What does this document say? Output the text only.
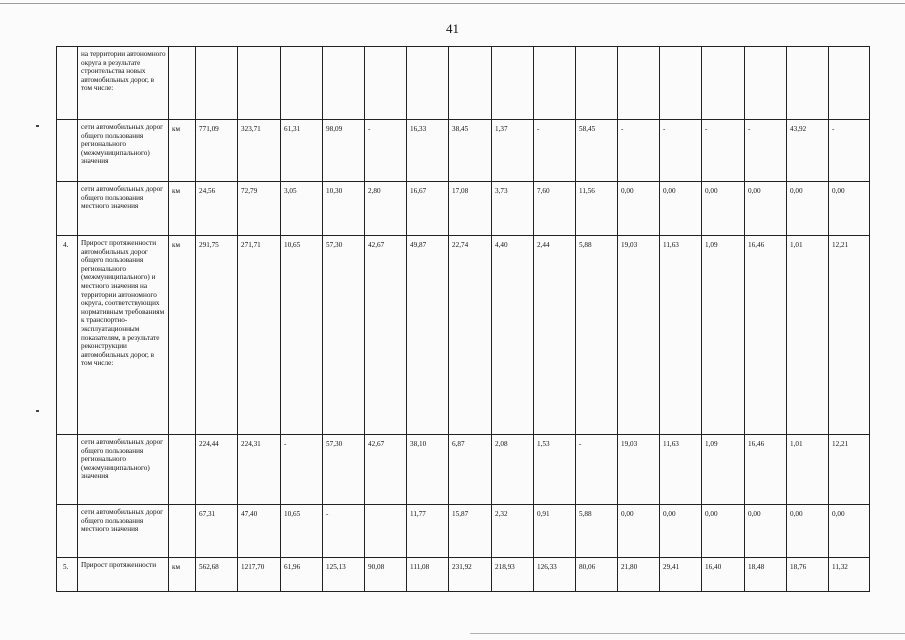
41
	на территории автономного округа в результате строительства новых автомобильных дорог, в том числе:																	
	сети автомобильных дорог общего пользования регионального (межмуниципального) значения	км	771,09	323,71	61,31	98,09	-	16,33	38,45	1,37	-	58,45	-	-	-	-	43,92	-
	сети автомобильных дорог общего пользования местного значения	км	24,56	72,79	3,05	10,30	2,80	16,67	17,08	3,73	7,60	11,56	0,00	0,00	0,00	0,00	0,00	0,00
4.	Прирост протяженности автомобильных дорог общего пользования регионального (межмуниципального) и местного значения на территории автономного округа, соответствующих нормативным требованиям к транспортно-эксплуатационным показателям, в результате реконструкции автомобильных дорог, в том числе:	км	291,75	271,71	10,65	57,30	42,67	49,87	22,74	4,40	2,44	5,88	19,03	11,63	1,09	16,46	1,01	12,21
	сети автомобильных дорог общего пользования регионального (межмуниципального) значения		224,44	224,31	-	57,30	42,67	38,10	6,87	2,08	1,53	-	19,03	11,63	1,09	16,46	1,01	12,21
	сети автомобильных дорог общего пользования местного значения		67,31	47,40	10,65	-		11,77	15,87	2,32	0,91	5,88	0,00	0,00	0,00	0,00	0,00	0,00
5.	Прирост протяженности	км	562,68	1217,70	61,96	125,13	90,08	111,08	231,92	218,93	126,33	80,06	21,80	29,41	16,40	18,48	18,76	11,32
